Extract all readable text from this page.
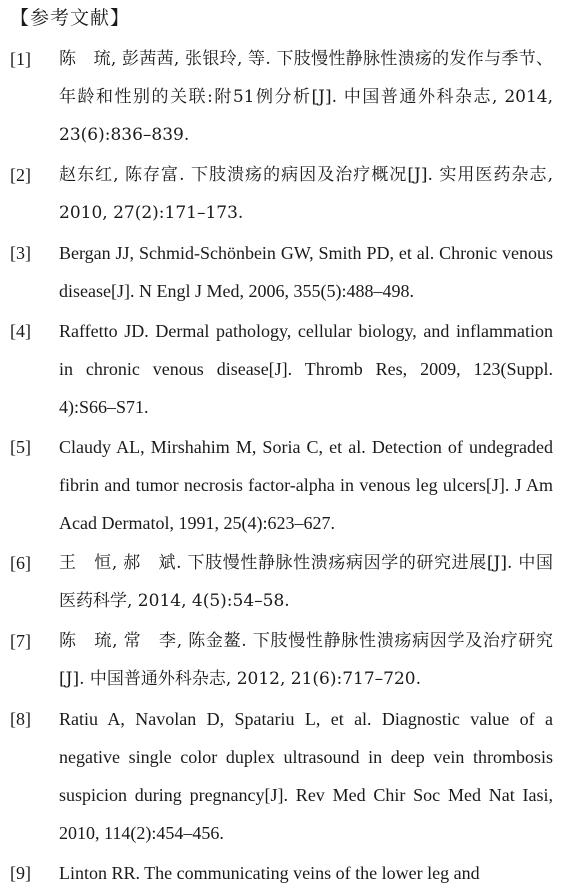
【参考文献】
[1]	陈　琉, 彭茜茜, 张银玲, 等. 下肢慢性静脉性溃疡的发作与季节、年龄和性别的关联:附51例分析[J]. 中国普通外科杂志, 2014, 23(6):836–839.
[2]	赵东红, 陈存富. 下肢溃疡的病因及治疗概况[J]. 实用医药杂志, 2010, 27(2):171–173.
[3]	Bergan JJ, Schmid-Schönbein GW, Smith PD, et al. Chronic venous disease[J]. N Engl J Med, 2006, 355(5):488–498.
[4]	Raffetto JD. Dermal pathology, cellular biology, and inflammation in chronic venous disease[J]. Thromb Res, 2009, 123(Suppl. 4):S66–S71.
[5]	Claudy AL, Mirshahim M, Soria C, et al. Detection of undegraded fibrin and tumor necrosis factor-alpha in venous leg ulcers[J]. J Am Acad Dermatol, 1991, 25(4):623–627.
[6]	王　恒, 郝　斌. 下肢慢性静脉性溃疡病因学的研究进展[J]. 中国医药科学, 2014, 4(5):54–58.
[7]	陈　琉, 常　李, 陈金鳌. 下肢慢性静脉性溃疡病因学及治疗研究[J]. 中国普通外科杂志, 2012, 21(6):717–720.
[8]	Ratiu A, Navolan D, Spatariu L, et al. Diagnostic value of a negative single color duplex ultrasound in deep vein thrombosis suspicion during pregnancy[J]. Rev Med Chir Soc Med Nat Iasi, 2010, 114(2):454–456.
[9]	Linton RR. The communicating veins of the lower leg and
